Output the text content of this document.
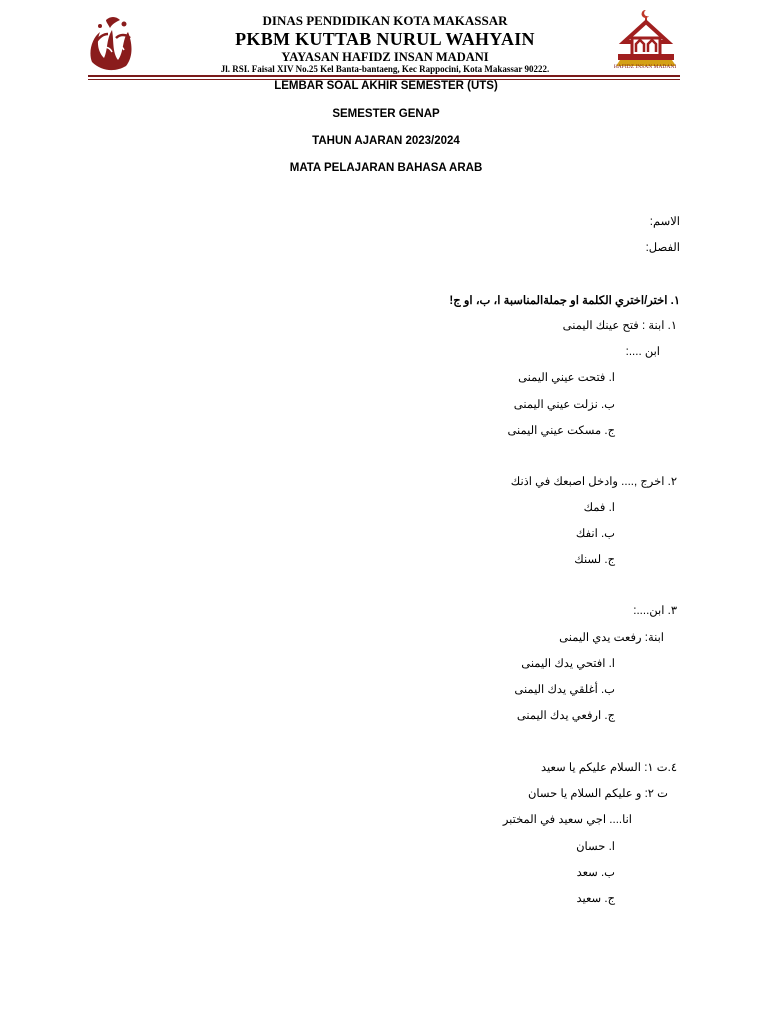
HAFIDZ INSAN MADANI
DINAS PENDIDIKAN KOTA MAKASSAR
PKBM KUTTAB NURUL WAHYAIN
YAYASAN HAFIDZ INSAN MADANI
Jl. RSI. Faisal XIV No.25 Kel Banta-bantaeng, Kec Rappocini, Kota Makassar 90222.
LEMBAR SOAL AKHIR SEMESTER (UTS)
SEMESTER GENAP
TAHUN AJARAN 2023/2024
MATA PELAJARAN BAHASA ARAB
الاسم:
الفصل:
١. اختر/اختري الكلمة او جملةالمناسبة ا، ب، او ج!
١. ابنة : فتح عينك اليمنى
ابن ....:
ا. فتحت عيني اليمنى
ب. نزلت عيني اليمنى
ج. مسكت عيني اليمنى
٢. اخرج ,.... وادخل اصبعك في اذنك
ا. فمك
ب. انفك
ج. لسنك
٣. ابن....:
ابنة: رفعت يدي اليمنى
ا. افتحي يدك اليمنى
ب. أغلقي يدك اليمنى
ج. ارفعي يدك اليمنى
٤.ت ١: السلام عليكم يا سعيد
ت ٢: و عليكم السلام يا حسان
انا.... اجي سعيد في المختبر
ا. حسان
ب. سعد
ج. سعيد
